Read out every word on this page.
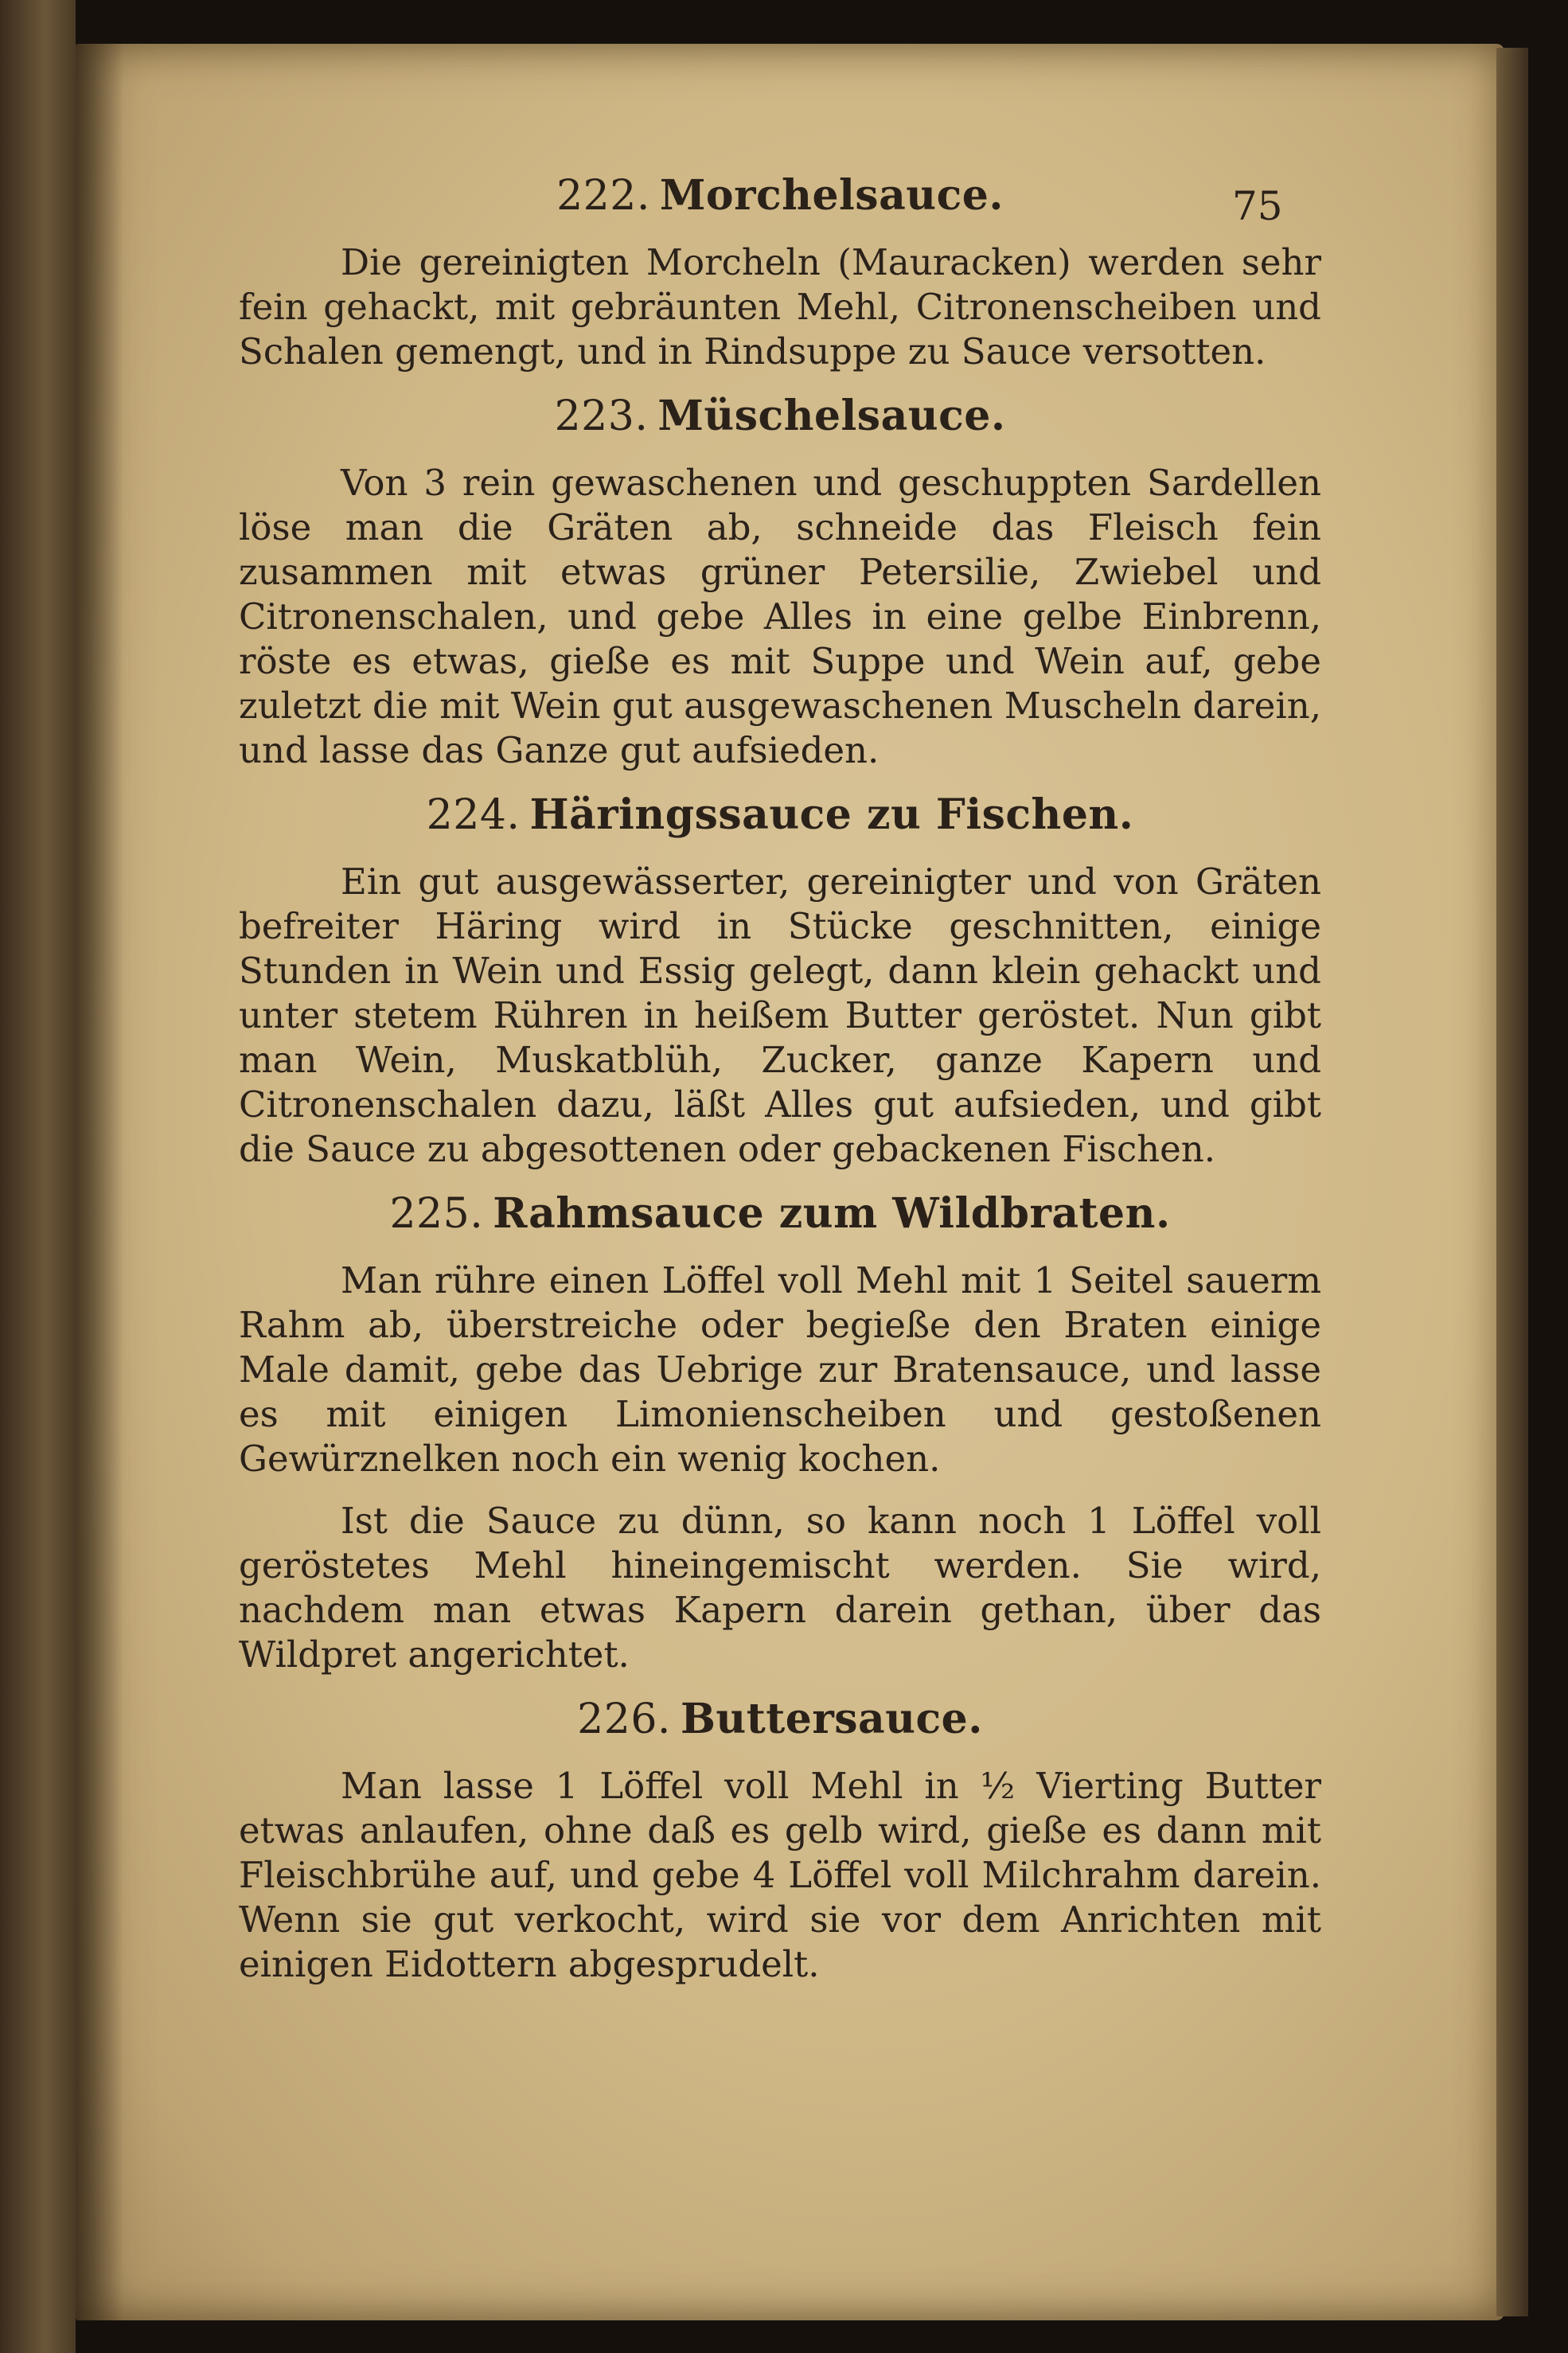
75
222. Morchelsauce.

Die gereinigten Morcheln (Mauracken) werden sehr fein gehackt, mit gebräunten Mehl, Citronenscheiben und Schalen gemengt, und in Rindsuppe zu Sauce versotten.

223. Müschelsauce.

Von 3 rein gewaschenen und geschuppten Sardellen löse man die Gräten ab, schneide das Fleisch fein zusammen mit etwas grüner Petersilie, Zwiebel und Citronenschalen, und gebe Alles in eine gelbe Einbrenn, röste es etwas, gieße es mit Suppe und Wein auf, gebe zuletzt die mit Wein gut ausgewaschenen Muscheln darein, und lasse das Ganze gut aufsieden.

224. Häringssauce zu Fischen.

Ein gut ausgewässerter, gereinigter und von Gräten befreiter Häring wird in Stücke geschnitten, einige Stunden in Wein und Essig gelegt, dann klein gehackt und unter stetem Rühren in heißem Butter geröstet. Nun gibt man Wein, Muskatblüh, Zucker, ganze Kapern und Citronenschalen dazu, läßt Alles gut aufsieden, und gibt die Sauce zu abgesottenen oder gebackenen Fischen.

225. Rahmsauce zum Wildbraten.

Man rühre einen Löffel voll Mehl mit 1 Seitel sauerm Rahm ab, überstreiche oder begieße den Braten einige Male damit, gebe das Uebrige zur Bratensauce, und lasse es mit einigen Limonienscheiben und gestoßenen Gewürznelken noch ein wenig kochen.

Ist die Sauce zu dünn, so kann noch 1 Löffel voll geröstetes Mehl hineingemischt werden. Sie wird, nachdem man etwas Kapern darein gethan, über das Wildpret angerichtet.

226. Buttersauce.

Man lasse 1 Löffel voll Mehl in ½ Vierting Butter etwas anlaufen, ohne daß es gelb wird, gieße es dann mit Fleischbrühe auf, und gebe 4 Löffel voll Milchrahm darein. Wenn sie gut verkocht, wird sie vor dem Anrichten mit einigen Eidottern abgesprudelt.
